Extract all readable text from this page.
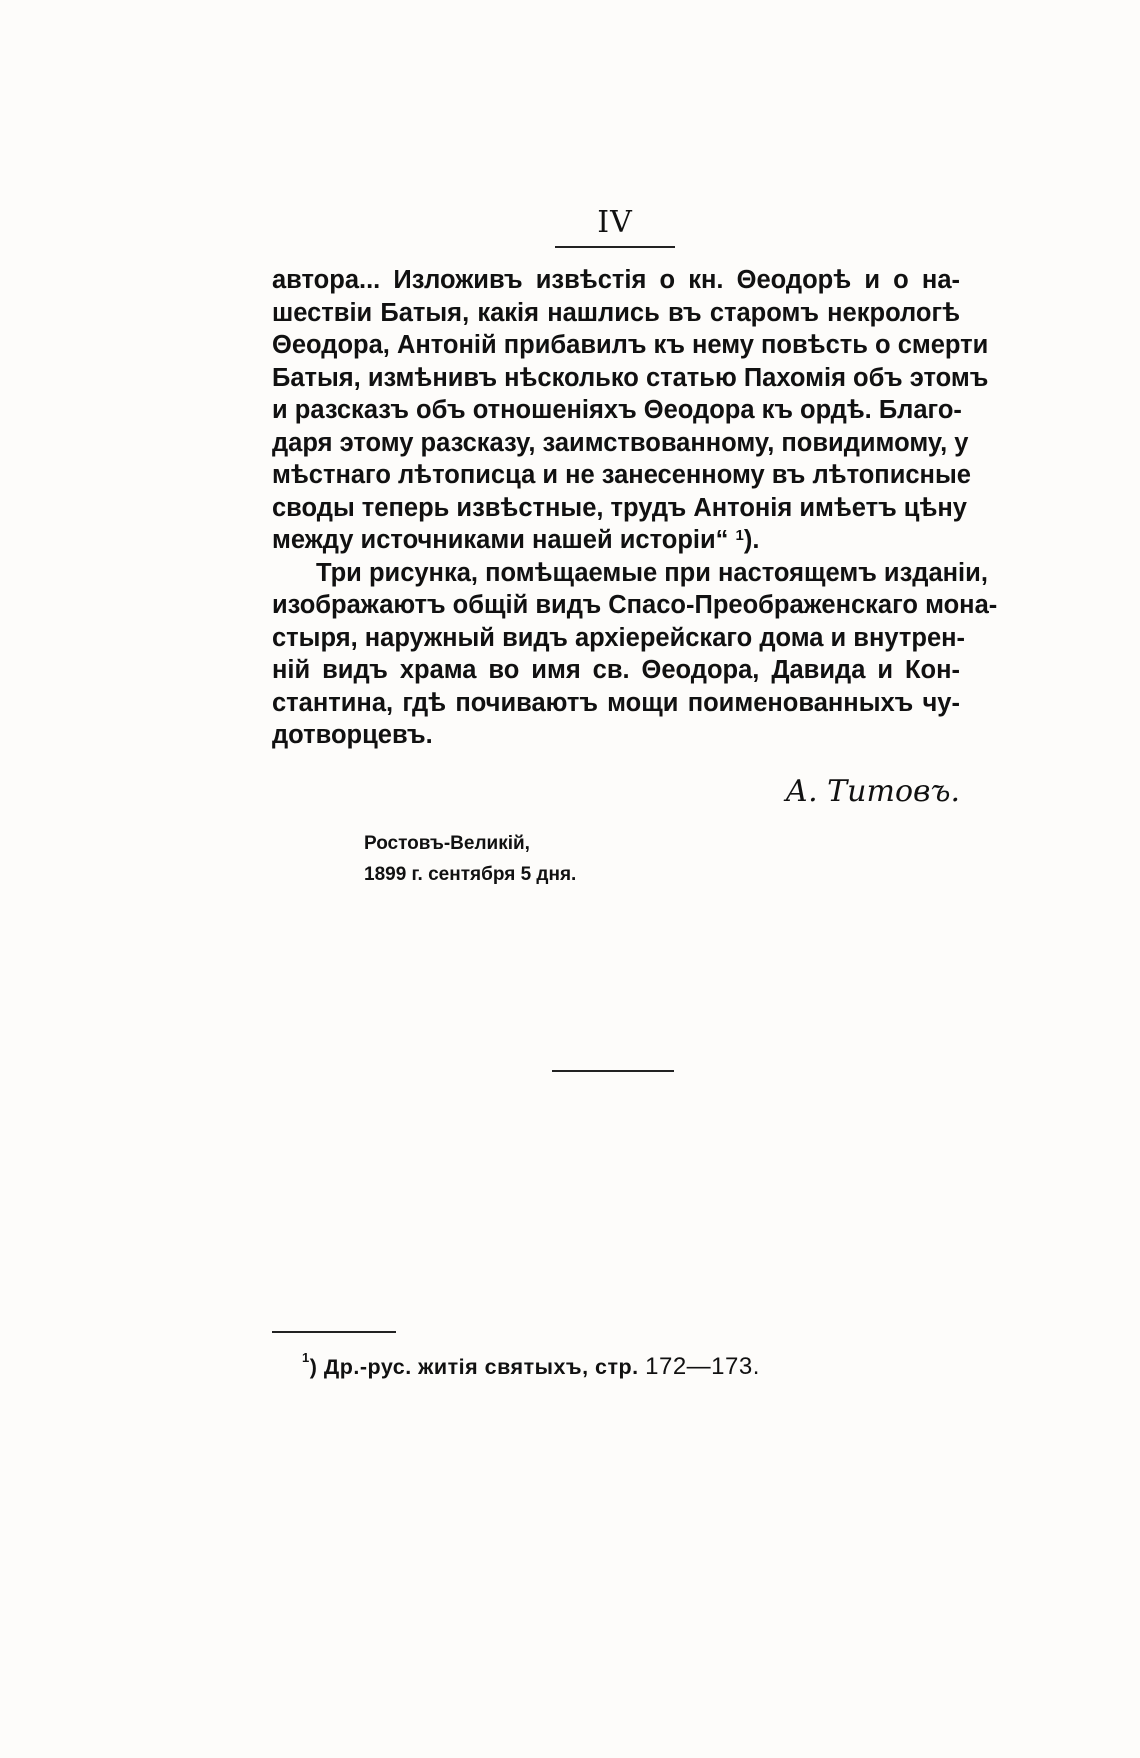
IV
автора... Изложивъ извѣстія о кн. Θеодорѣ и о на-
шествіи Батыя, какія нашлись въ старомъ некрологѣ
Θеодора, Антоній прибавилъ къ нему повѣсть о смерти
Батыя, измѣнивъ нѣсколько статью Пахомія объ этомъ
и разсказъ объ отношеніяхъ Θеодора къ ордѣ. Благо-
даря этому разсказу, заимствованному, повидимому, у
мѣстнаго лѣтописца и не занесенному въ лѣтописные
своды теперь извѣстные, трудъ Антонія имѣетъ цѣну
между источниками нашей исторіи“ $^1$).
Три рисунка, помѣщаемые при настоящемъ изданіи,
изображаютъ общій видъ Спасо-Преображенскаго мона-
стыря, наружный видъ архіерейскаго дома и внутрен-
ній видъ храма во имя св. Θеодора, Давида и Кон-
стантина, гдѣ почиваютъ мощи поименованныхъ чу-
дотворцевъ.
А. Титовъ.
Ростовъ-Великій,
1899 г. сентября 5 дня.
$^1$) Др.-рус. житія святыхъ, стр. 172—173.
